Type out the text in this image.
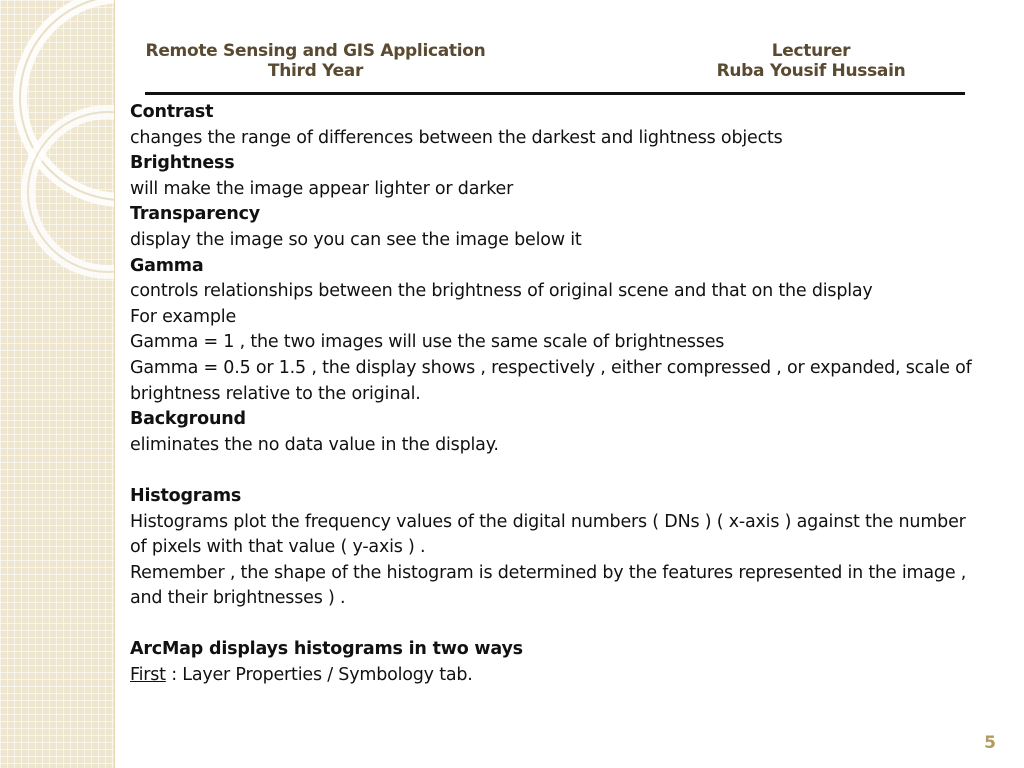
Remote Sensing and GIS Application
Third Year
Lecturer
Ruba Yousif Hussain
Contrast
changes the range of differences between the darkest and lightness objects
Brightness
will make the image appear lighter or darker
Transparency
display the image so you can see the image below it
Gamma
controls relationships between the brightness of original scene and that on the display
For example
Gamma = 1 , the two images will use the same scale of brightnesses
Gamma = 0.5 or 1.5 , the display shows , respectively , either compressed , or expanded, scale of brightness relative to the original.
Background
eliminates the no data value in the display.
Histograms
Histograms plot the frequency values of the digital numbers ( DNs ) ( x-axis ) against the number of pixels with that value ( y-axis ) .
Remember , the shape of the histogram is determined by the features represented in the image , and their brightnesses ) .
ArcMap displays histograms in two ways
First : Layer Properties / Symbology tab.
5
